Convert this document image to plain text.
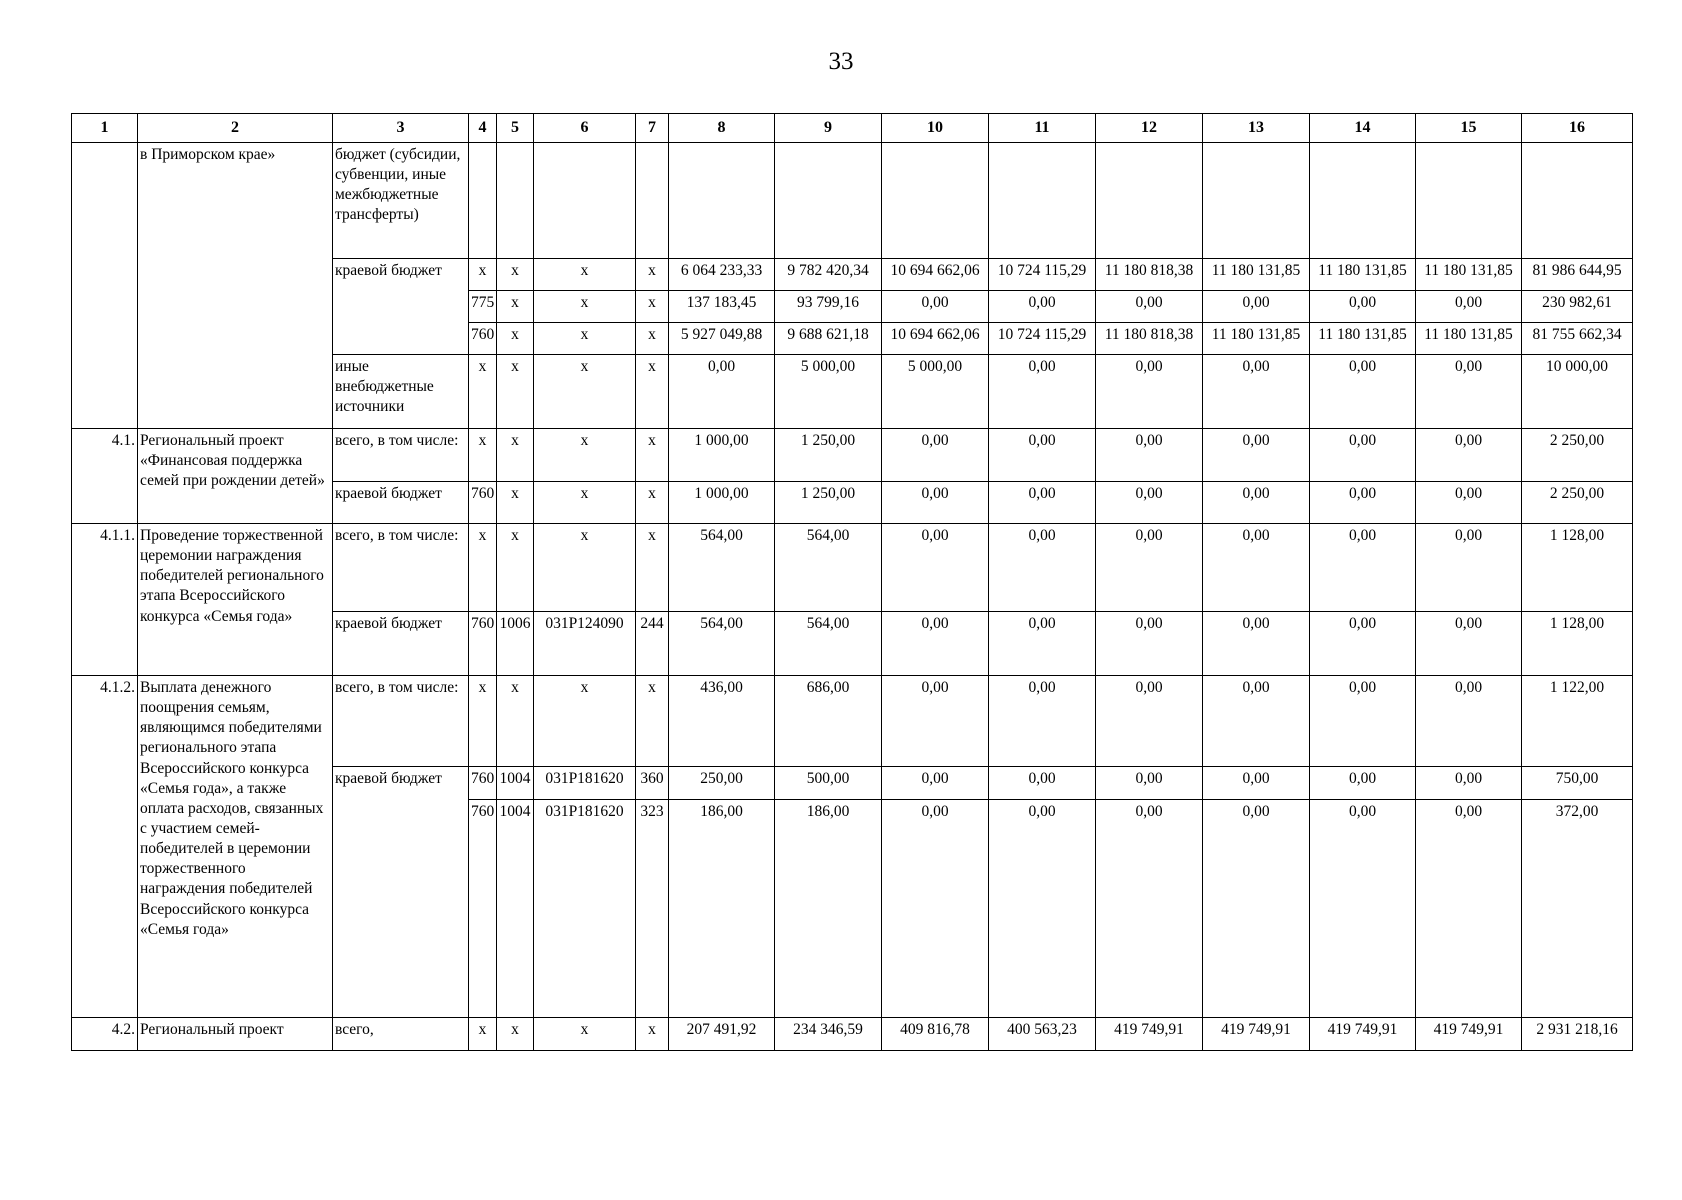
33
1	2	3	4	5	6	7	8	9	10	11	12	13	14	15	16
	в Приморском крае»	бюджет (субсидии, субвенции, иные межбюджетные трансферты)													
		краевой бюджет	x	x	x	x	6 064 233,33	9 782 420,34	10 694 662,06	10 724 115,29	11 180 818,38	11 180 131,85	11 180 131,85	11 180 131,85	81 986 644,95
			775	x	x	x	137 183,45	93 799,16	0,00	0,00	0,00	0,00	0,00	0,00	230 982,61
			760	x	x	x	5 927 049,88	9 688 621,18	10 694 662,06	10 724 115,29	11 180 818,38	11 180 131,85	11 180 131,85	11 180 131,85	81 755 662,34
		иные внебюджетные источники	x	x	x	x	0,00	5 000,00	5 000,00	0,00	0,00	0,00	0,00	0,00	10 000,00
4.1.	Региональный проект «Финансовая поддержка семей при рождении детей»	всего, в том числе:	x	x	x	x	1 000,00	1 250,00	0,00	0,00	0,00	0,00	0,00	0,00	2 250,00
		краевой бюджет	760	x	x	x	1 000,00	1 250,00	0,00	0,00	0,00	0,00	0,00	0,00	2 250,00
4.1.1.	Проведение торжественной церемонии награждения победителей регионального этапа Всероссийского конкурса «Семья года»	всего, в том числе:	x	x	x	x	564,00	564,00	0,00	0,00	0,00	0,00	0,00	0,00	1 128,00
		краевой бюджет	760	1006	031P124090	244	564,00	564,00	0,00	0,00	0,00	0,00	0,00	0,00	1 128,00
4.1.2.	Выплата денежного поощрения семьям, являющимся победителями регионального этапа Всероссийского конкурса «Семья года», а также оплата расходов, связанных с участием семей-победителей в церемонии торжественного награждения победителей Всероссийского конкурса «Семья года»	всего, в том числе:	x	x	x	x	436,00	686,00	0,00	0,00	0,00	0,00	0,00	0,00	1 122,00
		краевой бюджет	760	1004	031P181620	360	250,00	500,00	0,00	0,00	0,00	0,00	0,00	0,00	750,00
			760	1004	031P181620	323	186,00	186,00	0,00	0,00	0,00	0,00	0,00	0,00	372,00
4.2.	Региональный проект	всего,	x	x	x	x	207 491,92	234 346,59	409 816,78	400 563,23	419 749,91	419 749,91	419 749,91	419 749,91	2 931 218,16
